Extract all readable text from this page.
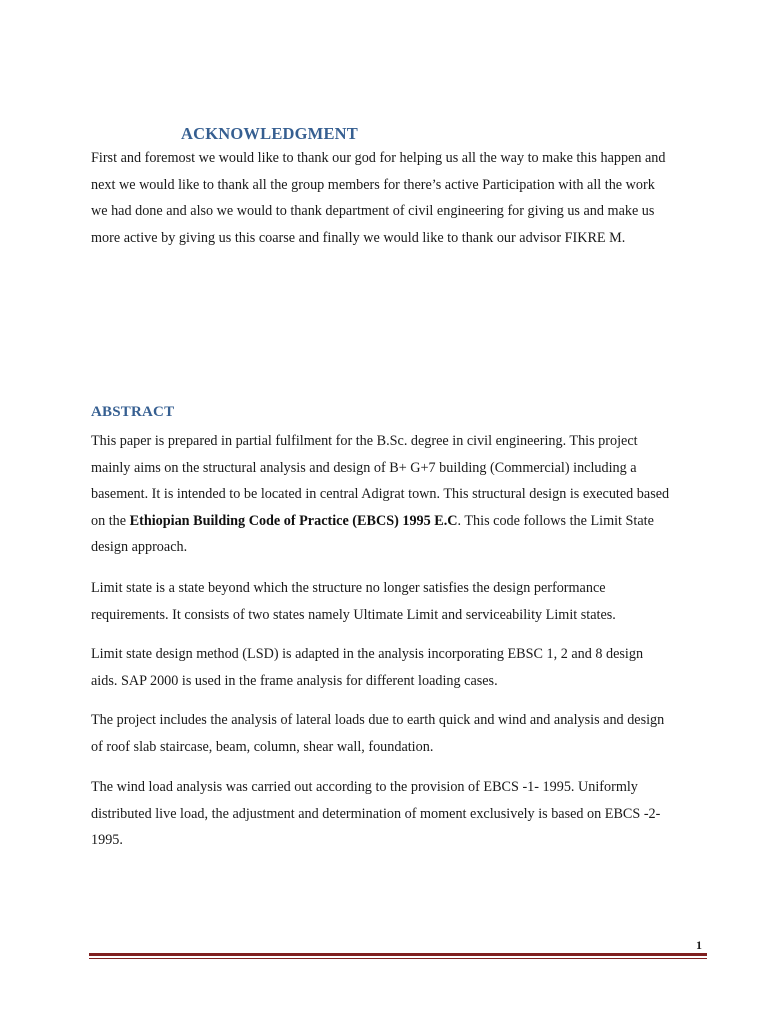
ACKNOWLEDGMENT

First and foremost we would like to thank our god for helping us all the way to make this happen and
next we would like to thank all the group members for there’s active Participation with all the work
we had done and also we would to thank department of civil engineering for giving us and make us
more active by giving us this coarse and finally we would like to thank our advisor FIKRE M.

ABSTRACT

This paper is prepared in partial fulfilment for the B.Sc. degree in civil engineering. This project
mainly aims on the structural analysis and design of B+ G+7 building (Commercial) including a
basement. It is intended to be located in central Adigrat town. This structural design is executed based
on the Ethiopian Building Code of Practice (EBCS) 1995 E.C. This code follows the Limit State
design approach.

Limit state is a state beyond which the structure no longer satisfies the design performance
requirements. It consists of two states namely Ultimate Limit and serviceability Limit states.

Limit state design method (LSD) is adapted in the analysis incorporating EBSC 1, 2 and 8 design
aids. SAP 2000 is used in the frame analysis for different loading cases.

The project includes the analysis of lateral loads due to earth quick and wind and analysis and design
of roof slab staircase, beam, column, shear wall, foundation.

The wind load analysis was carried out according to the provision of EBCS -1- 1995. Uniformly
distributed live load, the adjustment and determination of moment exclusively is based on EBCS -2-
1995.

1
